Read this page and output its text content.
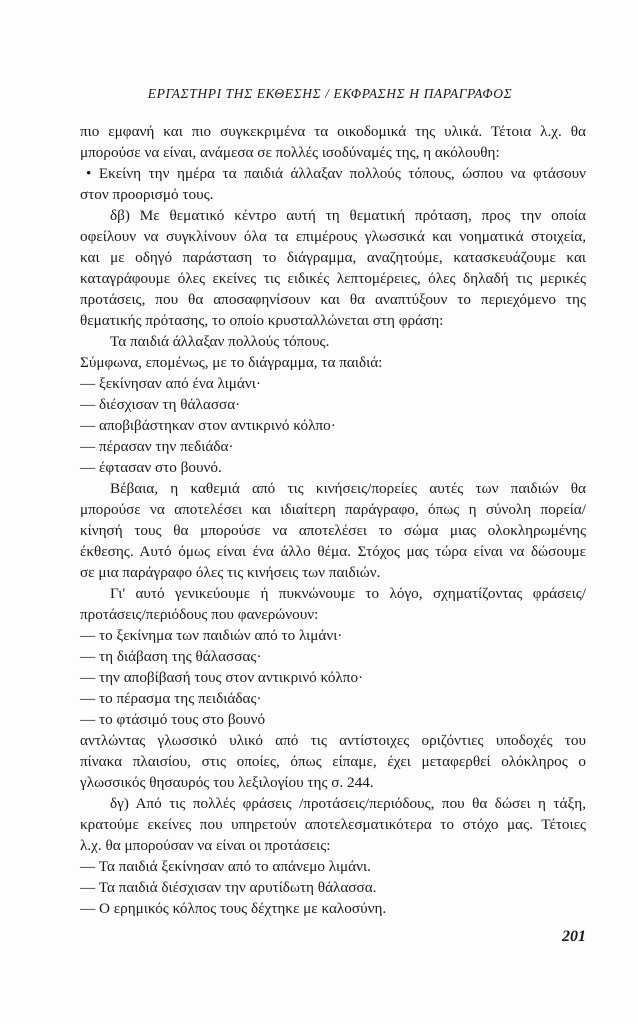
ΕΡΓΑΣΤΗΡΙ ΤΗΣ ΕΚΘΕΣΗΣ / ΕΚΦΡΑΣΗΣ Η ΠΑΡΑΓΡΑΦΟΣ
πιο εμφανή και πιο συγκεκριμένα τα οικοδομικά της υλικά. Τέτοια λ.χ. θα
μπορούσε να είναι, ανάμεσα σε πολλές ισοδύναμές της, η ακόλουθη:
• Εκείνη την ημέρα τα παιδιά άλλαξαν πολλούς τόπους, ώσπου να φτάσουν
στον προορισμό τους.
δβ) Με θεματικό κέντρο αυτή τη θεματική πρόταση, προς την οποία
οφείλουν να συγκλίνουν όλα τα επιμέρους γλωσσικά και νοηματικά στοιχεία,
και με οδηγό παράσταση το διάγραμμα, αναζητούμε, κατασκευάζουμε και
καταγράφουμε όλες εκείνες τις ειδικές λεπτομέρειες, όλες δηλαδή τις μερικές
προτάσεις, που θα αποσαφηνίσουν και θα αναπτύξουν το περιεχόμενο της
θεματικής πρότασης, το οποίο κρυσταλλώνεται στη φράση:
Τα παιδιά άλλαξαν πολλούς τόπους.
Σύμφωνα, επομένως, με το διάγραμμα, τα παιδιά:
— ξεκίνησαν από ένα λιμάνι·
— διέσχισαν τη θάλασσα·
— αποβιβάστηκαν στον αντικρινό κόλπο·
— πέρασαν την πεδιάδα·
— έφτασαν στο βουνό.
Βέβαια, η καθεμιά από τις κινήσεις/πορείες αυτές των παιδιών θα
μπορούσε να αποτελέσει και ιδιαίτερη παράγραφο, όπως η σύνολη πορεία/
κίνησή τους θα μπορούσε να αποτελέσει το σώμα μιας ολοκληρωμένης
έκθεσης. Αυτό όμως είναι ένα άλλο θέμα. Στόχος μας τώρα είναι να δώσουμε
σε μια παράγραφο όλες τις κινήσεις των παιδιών.
Γι' αυτό γενικεύουμε ή πυκνώνουμε το λόγο, σχηματίζοντας φράσεις/
προτάσεις/περιόδους που φανερώνουν:
— το ξεκίνημα των παιδιών από το λιμάνι·
— τη διάβαση της θάλασσας·
— την αποβίβασή τους στον αντικρινό κόλπο·
— το πέρασμα της πειδιάδας·
— το φτάσιμό τους στο βουνό
αντλώντας γλωσσικό υλικό από τις αντίστοιχες οριζόντιες υποδοχές του
πίνακα πλαισίου, στις οποίες, όπως είπαμε, έχει μεταφερθεί ολόκληρος ο
γλωσσικός θησαυρός του λεξιλογίου της σ. 244.
δγ) Από τις πολλές φράσεις /προτάσεις/περιόδους, που θα δώσει η τάξη,
κρατούμε εκείνες που υπηρετούν αποτελεσματικότερα το στόχο μας. Τέτοιες
λ.χ. θα μπορούσαν να είναι οι προτάσεις:
— Τα παιδιά ξεκίνησαν από το απάνεμο λιμάνι.
— Τα παιδιά διέσχισαν την αρυτίδωτη θάλασσα.
— Ο ερημικός κόλπος τους δέχτηκε με καλοσύνη.
201
